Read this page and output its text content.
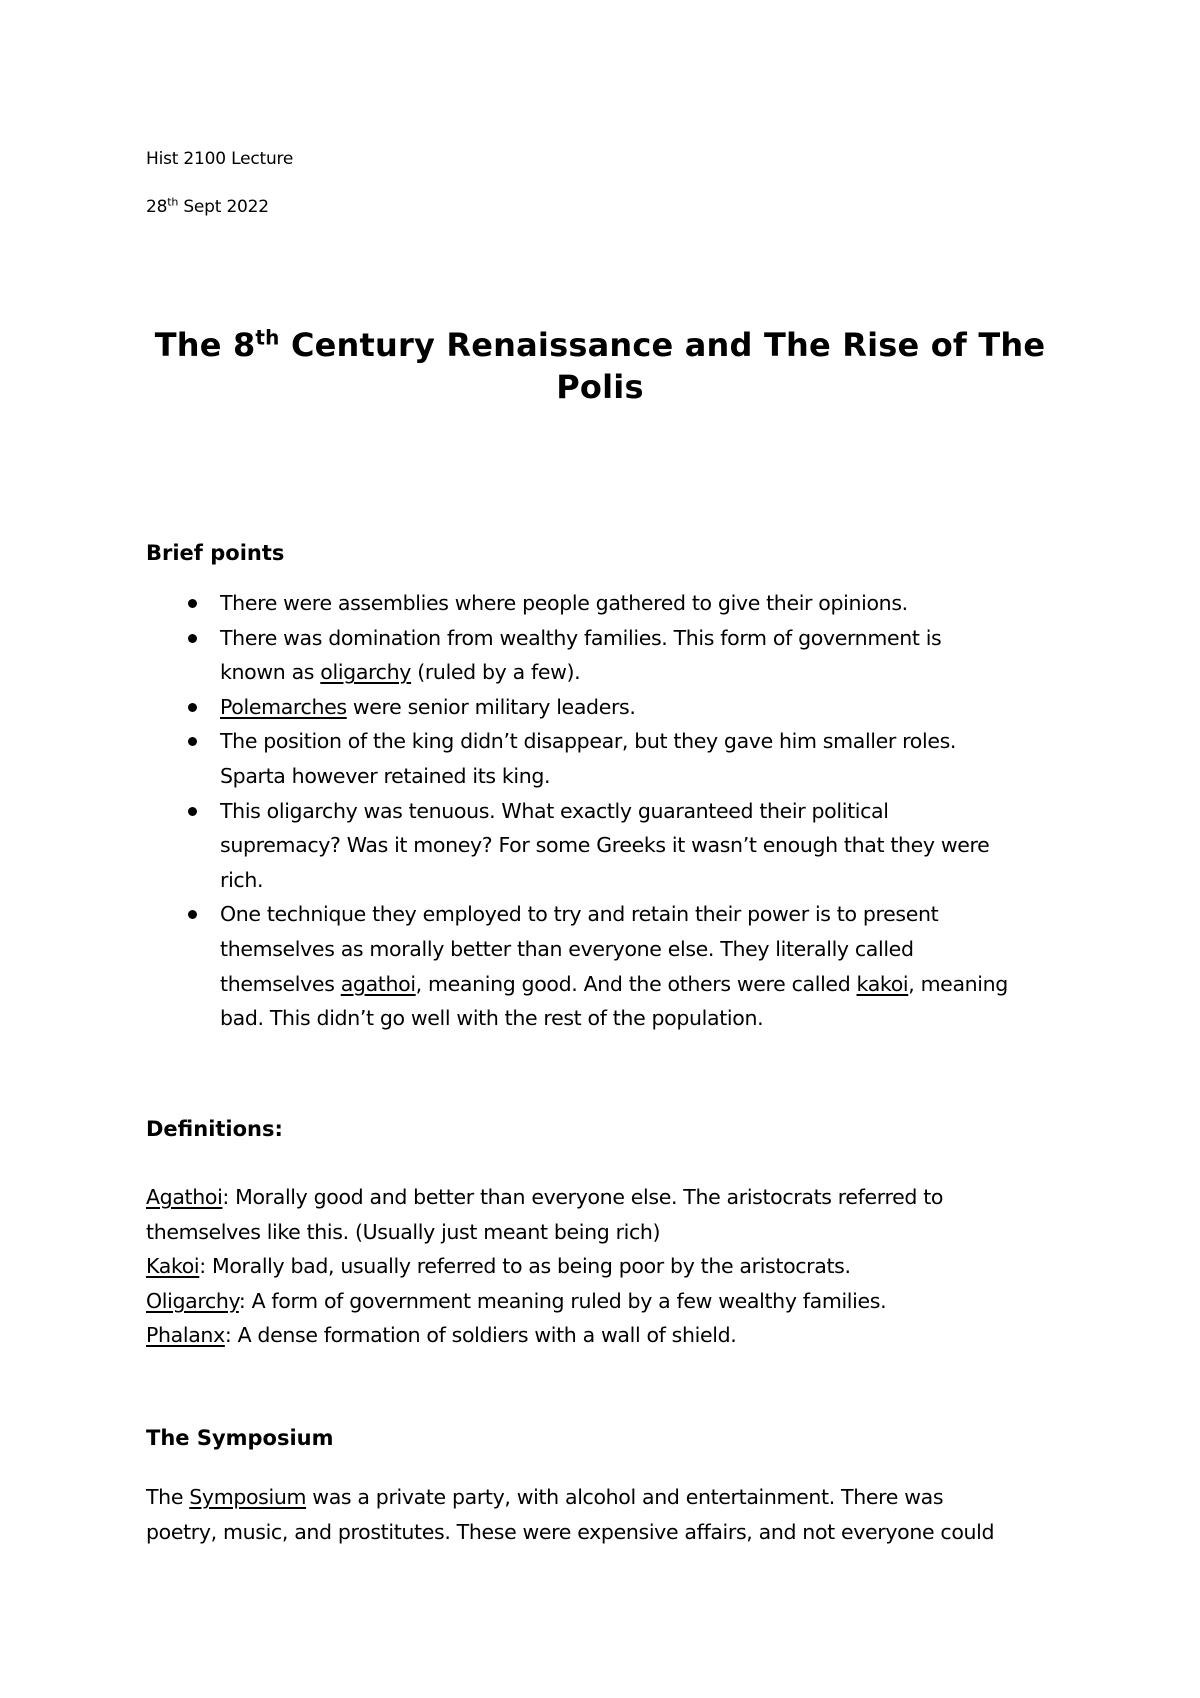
Hist 2100 Lecture
28th Sept 2022
The 8th Century Renaissance and The Rise of The
Polis
Brief points
There were assemblies where people gathered to give their opinions.
There was domination from wealthy families. This form of government is
known as oligarchy (ruled by a few).
Polemarches were senior military leaders.
The position of the king didn’t disappear, but they gave him smaller roles.
Sparta however retained its king.
This oligarchy was tenuous. What exactly guaranteed their political
supremacy? Was it money? For some Greeks it wasn’t enough that they were
rich.
One technique they employed to try and retain their power is to present
themselves as morally better than everyone else. They literally called
themselves agathoi, meaning good. And the others were called kakoi, meaning
bad. This didn’t go well with the rest of the population.
Definitions:
Agathoi: Morally good and better than everyone else. The aristocrats referred to
themselves like this. (Usually just meant being rich)
Kakoi: Morally bad, usually referred to as being poor by the aristocrats.
Oligarchy: A form of government meaning ruled by a few wealthy families.
Phalanx: A dense formation of soldiers with a wall of shield.
The Symposium
The Symposium was a private party, with alcohol and entertainment. There was
poetry, music, and prostitutes. These were expensive affairs, and not everyone could
